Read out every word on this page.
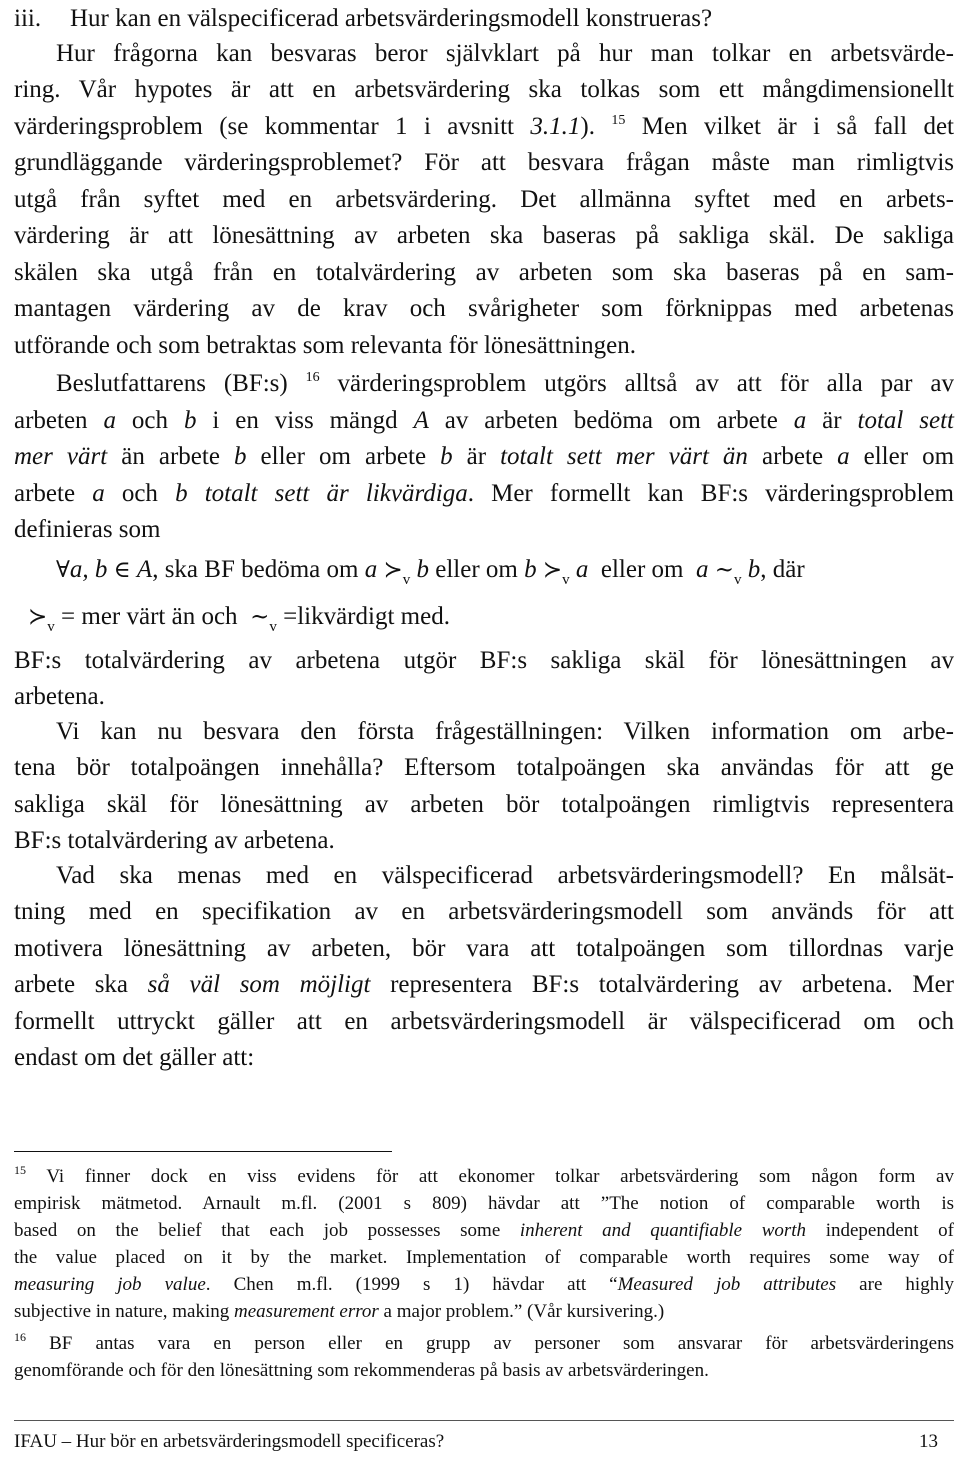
iii. Hur kan en välspecificerad arbetsvärderingsmodell konstrueras?
Hur frågorna kan besvaras beror självklart på hur man tolkar en arbetsvärde-
ring. Vår hypotes är att en arbetsvärdering ska tolkas som ett mångdimensionellt
värderingsproblem (se kommentar 1 i avsnitt 3.1.1). $^{15}$ Men vilket är i så fall det
grundläggande värderingsproblemet? För att besvara frågan måste man rimligtvis
utgå från syftet med en arbetsvärdering. Det allmänna syftet med en arbets-
värdering är att lönesättning av arbeten ska baseras på sakliga skäl. De sakliga
skälen ska utgå från en totalvärdering av arbeten som ska baseras på en sam-
mantagen värdering av de krav och svårigheter som förknippas med arbetenas
utförande och som betraktas som relevanta för lönesättningen.
Beslutfattarens (BF:s) $^{16}$ värderingsproblem utgörs alltså av att för alla par av
arbeten a och b i en viss mängd A av arbeten bedöma om arbete a är total sett
mer värt än arbete b eller om arbete b är totalt sett mer värt än arbete a eller om
arbete a och b totalt sett är likvärdiga. Mer formellt kan BF:s värderingsproblem
definieras som
∀a, b ∈ A, ska BF bedöma om a $≻_v$ b eller om b $≻_v$ a eller om a $\sim_v$ b, där
$≻_v$ = mer värt än och $\sim_v$ =likvärdigt med.
BF:s totalvärdering av arbetena utgör BF:s sakliga skäl för lönesättningen av
arbetena.
Vi kan nu besvara den första frågeställningen: Vilken information om arbe-
tena bör totalpoängen innehålla? Eftersom totalpoängen ska användas för att ge
sakliga skäl för lönesättning av arbeten bör totalpoängen rimligtvis representera
BF:s totalvärdering av arbetena.
Vad ska menas med en välspecificerad arbetsvärderingsmodell? En målsät-
tning med en specifikation av en arbetsvärderingsmodell som används för att
motivera lönesättning av arbeten, bör vara att totalpoängen som tillordnas varje
arbete ska så väl som möjligt representera BF:s totalvärdering av arbetena. Mer
formellt uttryckt gäller att en arbetsvärderingsmodell är välspecificerad om och
endast om det gäller att:
$^{15}$ Vi finner dock en viss evidens för att ekonomer tolkar arbetsvärdering som någon form av
empirisk mätmetod. Arnault m.fl. (2001 s 809) hävdar att ”The notion of comparable worth is
based on the belief that each job possesses some inherent and quantifiable worth independent of
the value placed on it by the market. Implementation of comparable worth requires some way of
measuring job value. Chen m.fl. (1999 s 1) hävdar att “Measured job attributes are highly
subjective in nature, making measurement error a major problem.” (Vår kursivering.)
$^{16}$ BF antas vara en person eller en grupp av personer som ansvarar för arbetsvärderingens
genomförande och för den lönesättning som rekommenderas på basis av arbetsvärderingen.
IFAU – Hur bör en arbetsvärderingsmodell specificeras?	13
